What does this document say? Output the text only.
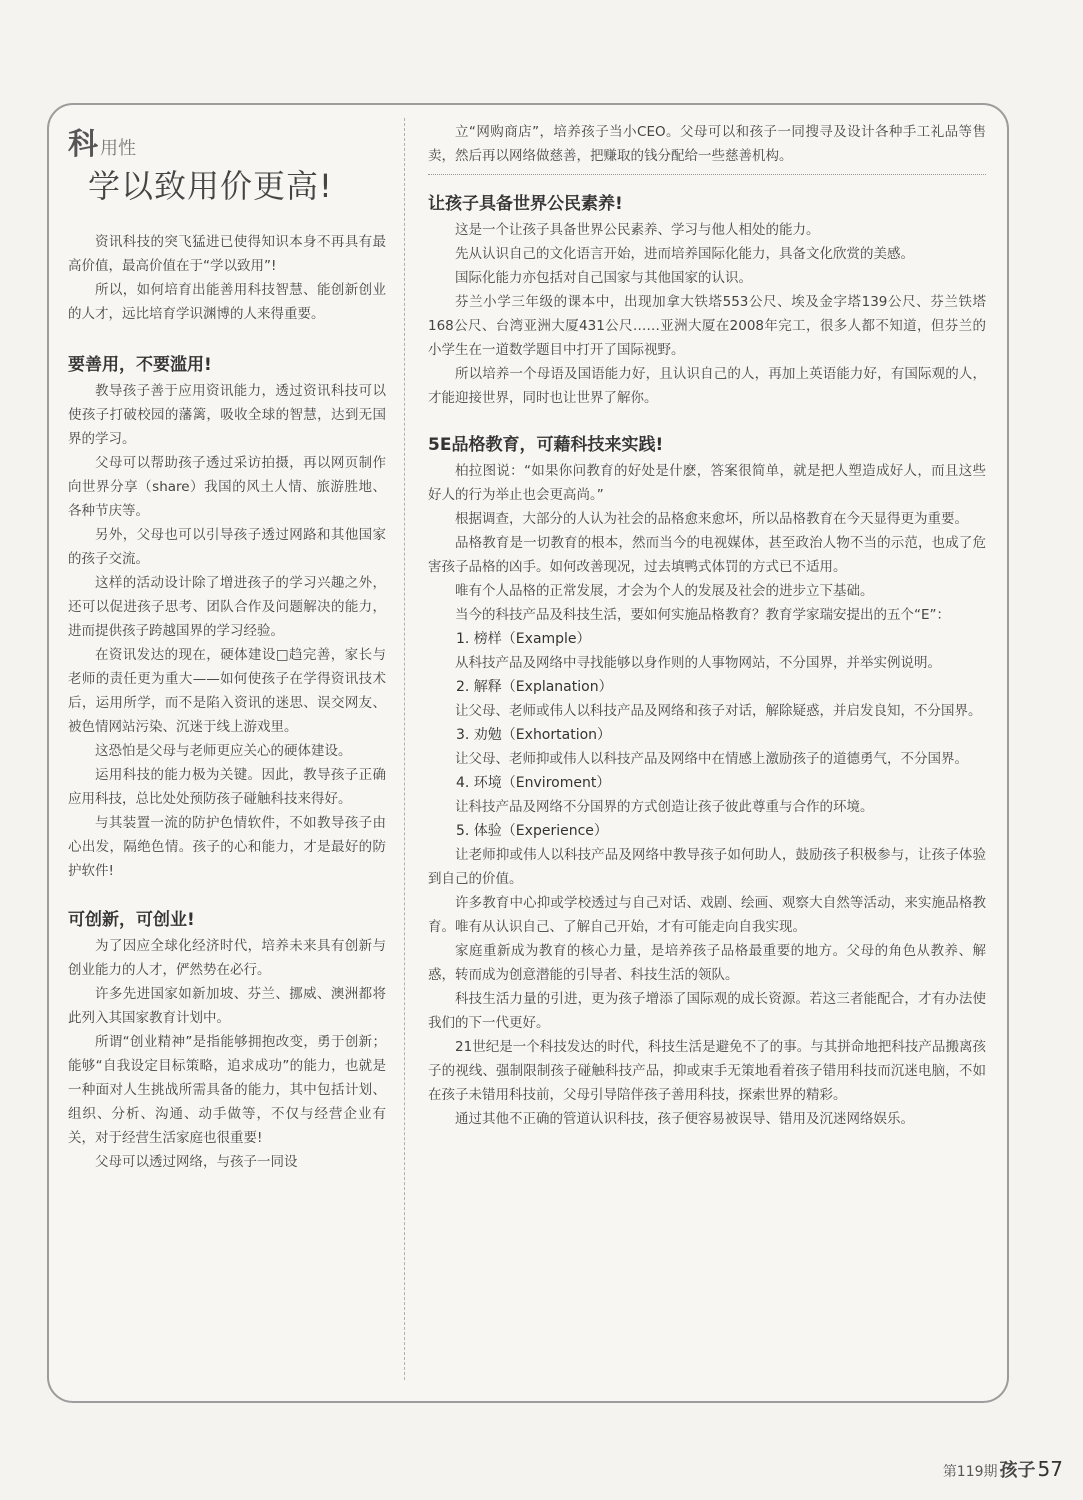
科用性
学以致用价更高!

资讯科技的突飞猛进已使得知识本身不再具有最高价值，最高价值在于“学以致用”!

所以，如何培育出能善用科技智慧、能创新创业的人才，远比培育学识渊博的人来得重要。

要善用，不要滥用!

教导孩子善于应用资讯能力，透过资讯科技可以使孩子打破校园的藩篱，吸收全球的智慧，达到无国界的学习。

父母可以帮助孩子透过采访拍摄，再以网页制作向世界分享（share）我国的风土人情、旅游胜地、各种节庆等。

另外，父母也可以引导孩子透过网路和其他国家的孩子交流。

这样的活动设计除了增进孩子的学习兴趣之外，还可以促进孩子思考、团队合作及问题解决的能力，进而提供孩子跨越国界的学习经验。

在资讯发达的现在，硬体建设□趋完善，家长与老师的责任更为重大——如何使孩子在学得资讯技术后，运用所学，而不是陷入资讯的迷思、误交网友、被色情网站污染、沉迷于线上游戏里。

这恐怕是父母与老师更应关心的硬体建设。

运用科技的能力极为关键。因此，教导孩子正确应用科技，总比处处预防孩子碰触科技来得好。

与其装置一流的防护色情软件，不如教导孩子由心出发，隔绝色情。孩子的心和能力，才是最好的防护软件!

可创新，可创业!

为了因应全球化经济时代，培养未来具有创新与创业能力的人才，俨然势在必行。

许多先进国家如新加坡、芬兰、挪威、澳洲都将此列入其国家教育计划中。

所谓“创业精神”是指能够拥抱改变，勇于创新；能够“自我设定目标策略，追求成功”的能力，也就是一种面对人生挑战所需具备的能力，其中包括计划、组织、分析、沟通、动手做等，不仅与经营企业有关，对于经营生活家庭也很重要!

父母可以透过网络，与孩子一同设

立“网购商店”，培养孩子当小CEO。父母可以和孩子一同搜寻及设计各种手工礼品等售卖，然后再以网络做慈善，把赚取的钱分配给一些慈善机构。

让孩子具备世界公民素养!

这是一个让孩子具备世界公民素养、学习与他人相处的能力。

先从认识自己的文化语言开始，进而培养国际化能力，具备文化欣赏的美感。

国际化能力亦包括对自己国家与其他国家的认识。

芬兰小学三年级的课本中，出现加拿大铁塔553公尺、埃及金字塔139公尺、芬兰铁塔168公尺、台湾亚洲大厦431公尺……亚洲大厦在2008年完工，很多人都不知道，但芬兰的小学生在一道数学题目中打开了国际视野。

所以培养一个母语及国语能力好，且认识自己的人，再加上英语能力好，有国际观的人，才能迎接世界，同时也让世界了解你。

5E品格教育，可藉科技来实践!

柏拉图说：“如果你问教育的好处是什麽，答案很简单，就是把人塑造成好人，而且这些好人的行为举止也会更高尚。”

根据调查，大部分的人认为社会的品格愈来愈坏，所以品格教育在今天显得更为重要。

品格教育是一切教育的根本，然而当今的电视媒体，甚至政治人物不当的示范，也成了危害孩子品格的凶手。如何改善现况，过去填鸭式体罚的方式已不适用。

唯有个人品格的正常发展，才会为个人的发展及社会的进步立下基础。

当今的科技产品及科技生活，要如何实施品格教育？教育学家瑞安提出的五个“E”：

1. 榜样（Example）

从科技产品及网络中寻找能够以身作则的人事物网站，不分国界，并举实例说明。

2. 解释（Explanation）

让父母、老师或伟人以科技产品及网络和孩子对话，解除疑惑，并启发良知，不分国界。

3. 劝勉（Exhortation）

让父母、老师抑或伟人以科技产品及网络中在情感上激励孩子的道德勇气，不分国界。

4. 环境（Enviroment）

让科技产品及网络不分国界的方式创造让孩子彼此尊重与合作的环境。

5. 体验（Experience）

让老师抑或伟人以科技产品及网络中教导孩子如何助人，鼓励孩子积极参与，让孩子体验到自己的价值。

许多教育中心抑或学校透过与自己对话、戏剧、绘画、观察大自然等活动，来实施品格教育。唯有从认识自己、了解自己开始，才有可能走向自我实现。

家庭重新成为教育的核心力量，是培养孩子品格最重要的地方。父母的角色从教养、解惑，转而成为创意潜能的引导者、科技生活的领队。

科技生活力量的引进，更为孩子增添了国际观的成长资源。若这三者能配合，才有办法使我们的下一代更好。

21世纪是一个科技发达的时代，科技生活是避免不了的事。与其拼命地把科技产品搬离孩子的视线、强制限制孩子碰触科技产品，抑或束手无策地看着孩子错用科技而沉迷电脑，不如在孩子未错用科技前，父母引导陪伴孩子善用科技，探索世界的精彩。

通过其他不正确的管道认识科技，孩子便容易被误导、错用及沉迷网络娱乐。

第119期 孩子 57
